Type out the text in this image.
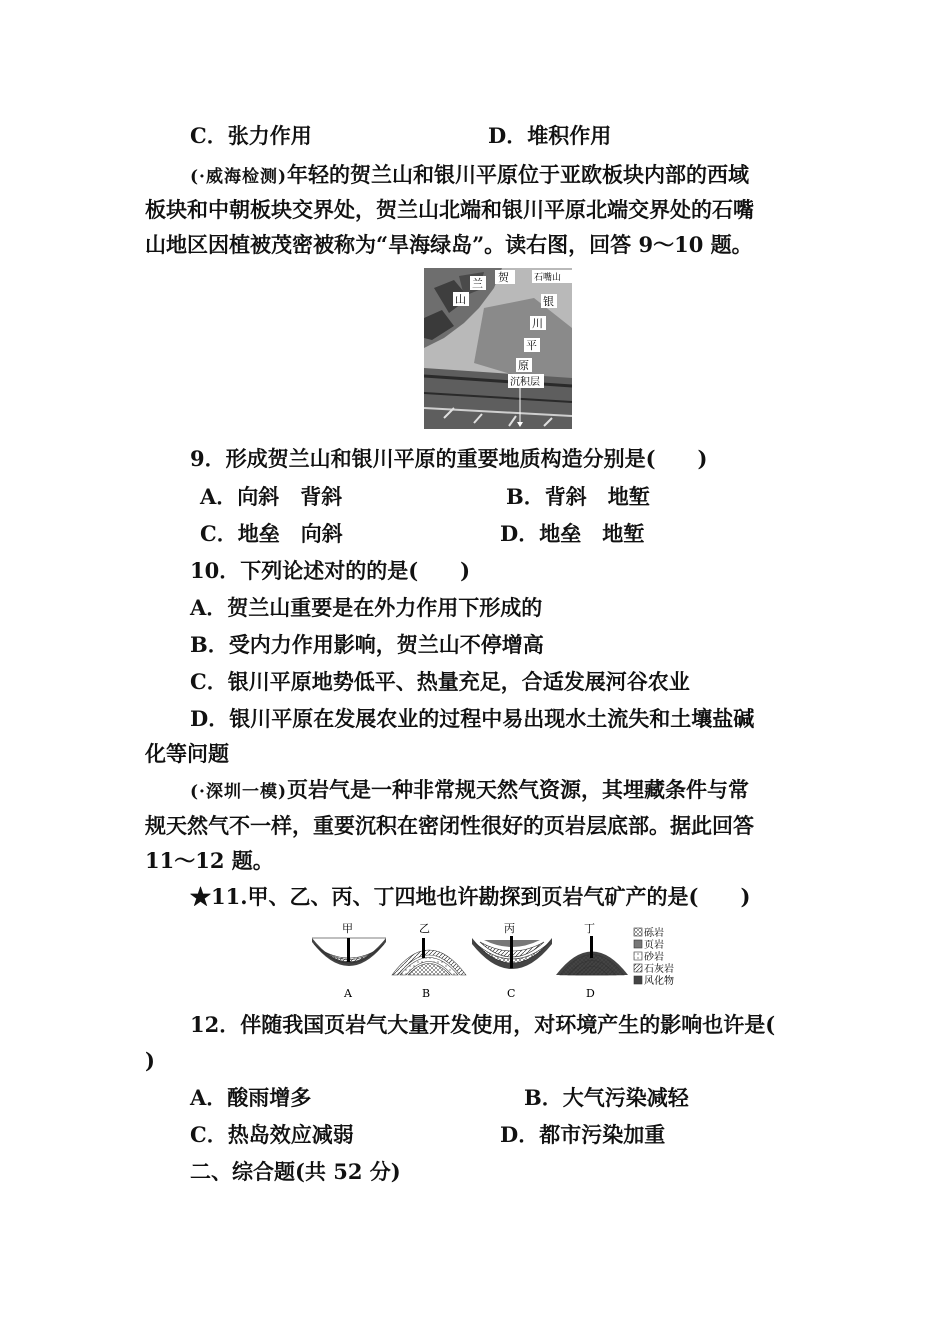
C．张力作用	D．堆积作用
(·威海检测)年轻的贺兰山和银川平原位于亚欧板块内部的西域
板块和中朝板块交界处，贺兰山北端和银川平原北端交界处的石嘴
山地区因植被茂密被称为“旱海绿岛”。读右图，回答 9～10 题。
贺
兰
山
石嘴山
银
川
平
原
沉积层
9．形成贺兰山和银川平原的重要地质构造分别是(　　)
A．向斜　背斜	B．背斜　地堑
C．地垒　向斜	D．地垒　地堑
10．下列论述对的的是(　　)
A．贺兰山重要是在外力作用下形成的
B．受内力作用影响，贺兰山不停增高
C．银川平原地势低平、热量充足，合适发展河谷农业
D．银川平原在发展农业的过程中易出现水土流失和土壤盐碱
化等问题
(·深圳一模)页岩气是一种非常规天然气资源，其埋藏条件与常
规天然气不一样，重要沉积在密闭性很好的页岩层底部。据此回答
11～12 题。
★11.甲、乙、丙、丁四地也许勘探到页岩气矿产的是(　　)
甲
A
乙
B
丙
C
丁
D
砾岩
页岩
砂岩
石灰岩
风化物
12．伴随我国页岩气大量开发使用，对环境产生的影响也许是(
)
A．酸雨增多	B．大气污染减轻
C．热岛效应减弱	D．都市污染加重
二、综合题(共 52 分)
